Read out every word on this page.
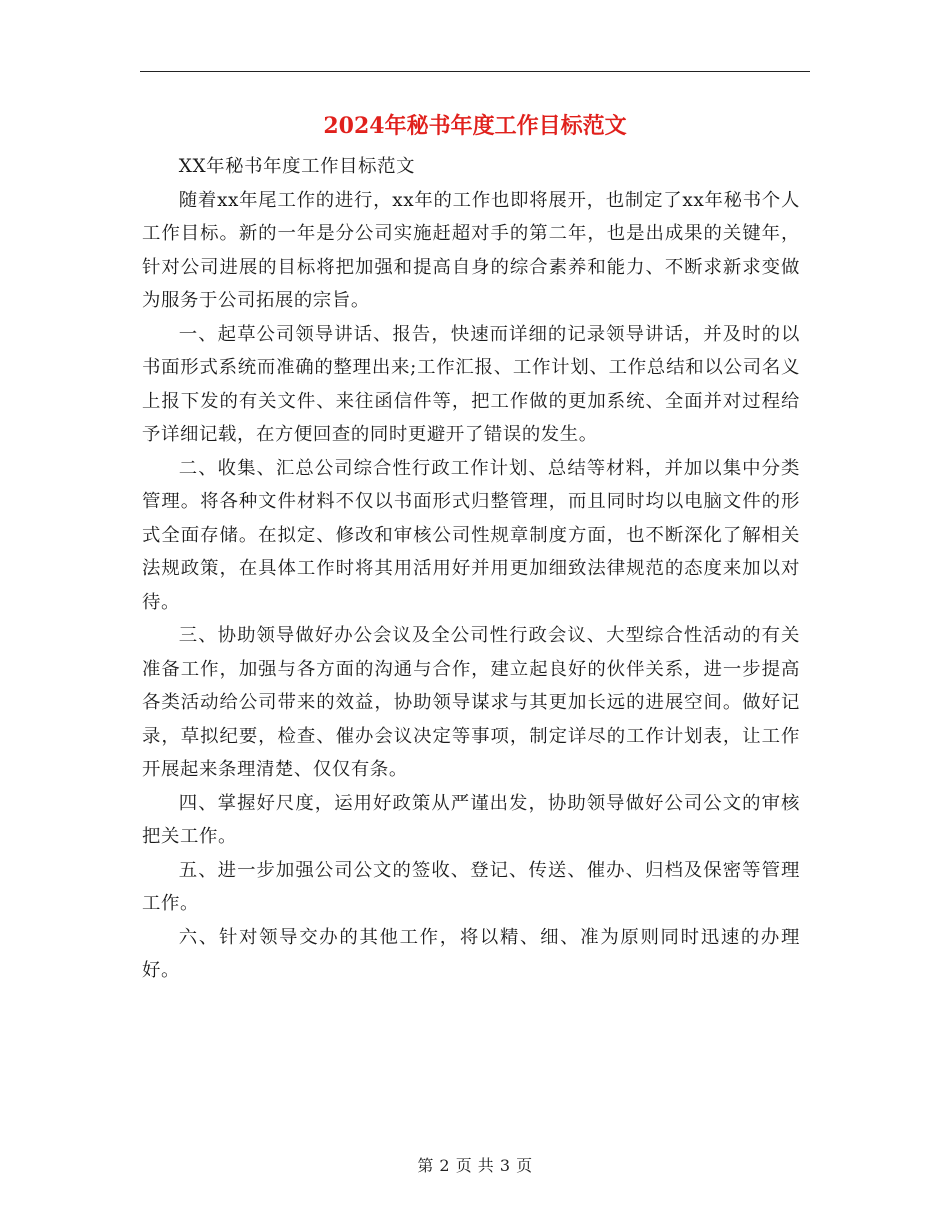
2024年秘书年度工作目标范文

XX年秘书年度工作目标范文

随着xx年尾工作的进行，xx年的工作也即将展开，也制定了xx年秘书个人工作目标。新的一年是分公司实施赶超对手的第二年，也是出成果的关键年，针对公司进展的目标将把加强和提高自身的综合素养和能力、不断求新求变做为服务于公司拓展的宗旨。

一、起草公司领导讲话、报告，快速而详细的记录领导讲话，并及时的以书面形式系统而准确的整理出来;工作汇报、工作计划、工作总结和以公司名义上报下发的有关文件、来往函信件等，把工作做的更加系统、全面并对过程给予详细记载，在方便回查的同时更避开了错误的发生。

二、收集、汇总公司综合性行政工作计划、总结等材料，并加以集中分类管理。将各种文件材料不仅以书面形式归整管理，而且同时均以电脑文件的形式全面存储。在拟定、修改和审核公司性规章制度方面，也不断深化了解相关法规政策，在具体工作时将其用活用好并用更加细致法律规范的态度来加以对待。

三、协助领导做好办公会议及全公司性行政会议、大型综合性活动的有关准备工作，加强与各方面的沟通与合作，建立起良好的伙伴关系，进一步提高各类活动给公司带来的效益，协助领导谋求与其更加长远的进展空间。做好记录，草拟纪要，检查、催办会议决定等事项，制定详尽的工作计划表，让工作开展起来条理清楚、仅仅有条。

四、掌握好尺度，运用好政策从严谨出发，协助领导做好公司公文的审核把关工作。

五、进一步加强公司公文的签收、登记、传送、催办、归档及保密等管理工作。

六、针对领导交办的其他工作，将以精、细、准为原则同时迅速的办理好。

第 2 页 共 3 页
